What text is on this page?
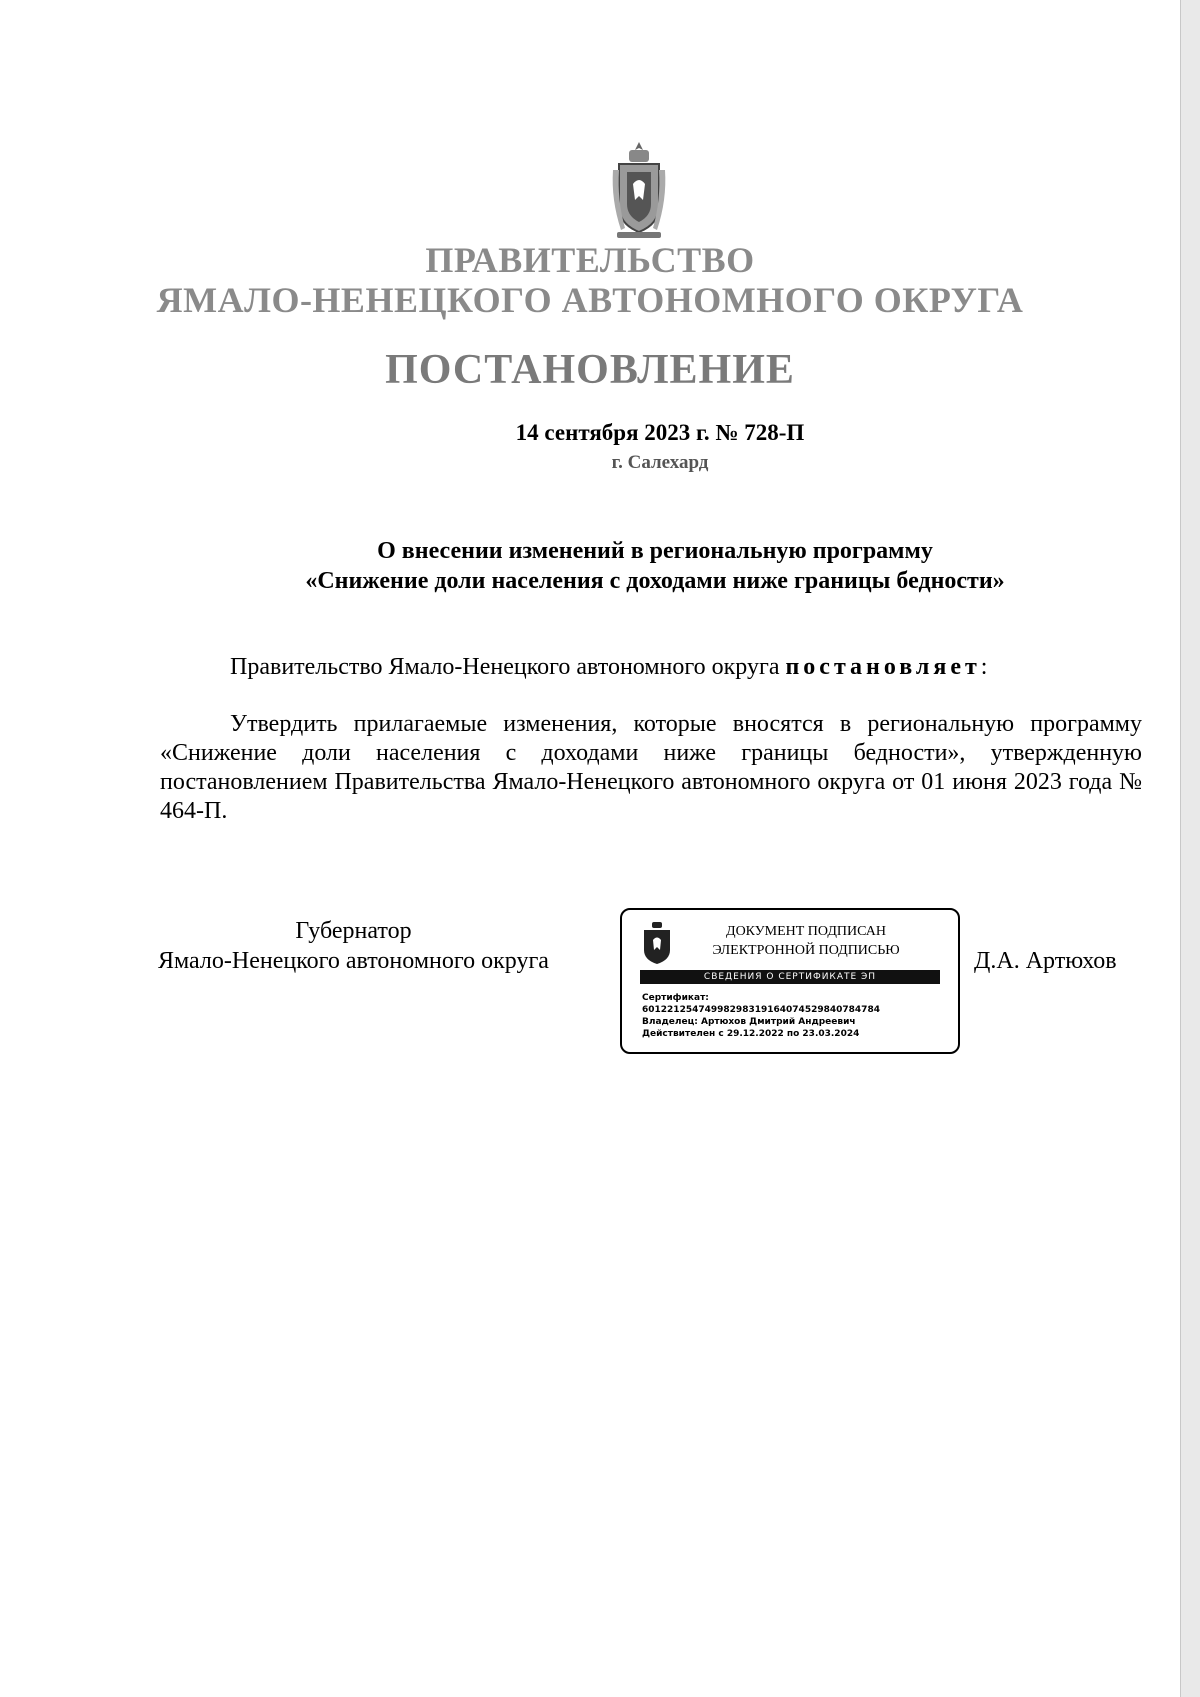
ПРАВИТЕЛЬСТВО
ЯМАЛО-НЕНЕЦКОГО АВТОНОМНОГО ОКРУГА
ПОСТАНОВЛЕНИЕ
14 сентября 2023 г. № 728-П
г. Салехард
О внесении изменений в региональную программу
«Снижение доли населения с доходами ниже границы бедности»
Правительство Ямало-Ненецкого автономного округа постановляет:
Утвердить прилагаемые изменения, которые вносятся в региональную программу «Снижение доли населения с доходами ниже границы бедности», утвержденную постановлением Правительства Ямало-Ненецкого автономного округа от 01 июня 2023 года № 464-П.
Губернатор
Ямало-Ненецкого автономного округа
ДОКУМЕНТ ПОДПИСАН
ЭЛЕКТРОННОЙ ПОДПИСЬЮ
СВЕДЕНИЯ О СЕРТИФИКАТЕ ЭП
Сертификат:
601221254749982983191640745298407847​84
Владелец: Артюхов Дмитрий Андреевич
Действителен с 29.12.2022 по 23.03.2024
Д.А. Артюхов
